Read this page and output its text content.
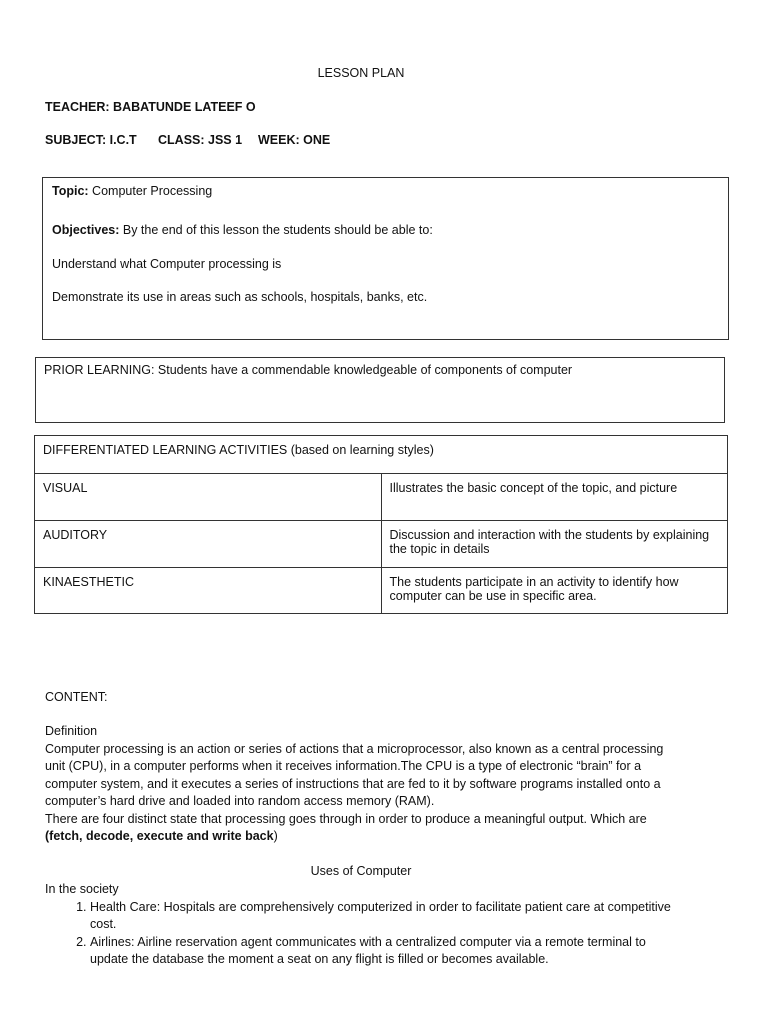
LESSON PLAN
TEACHER: BABATUNDE LATEEF O
SUBJECT: I.C.T CLASS: JSS 1 WEEK: ONE
Topic: Computer Processing
Objectives: By the end of this lesson the students should be able to:
Understand what Computer processing is
Demonstrate its use in areas such as schools, hospitals, banks, etc.
PRIOR LEARNING: Students have a commendable knowledgeable of components of computer
DIFFERENTIATED LEARNING ACTIVITIES (based on learning styles)	
VISUAL	Illustrates the basic concept of the topic, and picture
AUDITORY	Discussion and interaction with the students by explaining the topic in details
KINAESTHETIC	The students participate in an activity to identify how computer can be use in specific area.
CONTENT:
Definition
Computer processing is an action or series of actions that a microprocessor, also known as a central processing unit (CPU), in a computer performs when it receives information.The CPU is a type of electronic “brain” for a computer system, and it executes a series of instructions that are fed to it by software programs installed onto a computer’s hard drive and loaded into random access memory (RAM).
There are four distinct state that processing goes through in order to produce a meaningful output. Which are (fetch, decode, execute and write back)
Uses of Computer
In the society
1. Health Care: Hospitals are comprehensively computerized in order to facilitate patient care at competitive cost.
2. Airlines: Airline reservation agent communicates with a centralized computer via a remote terminal to update the database the moment a seat on any flight is filled or becomes available.
